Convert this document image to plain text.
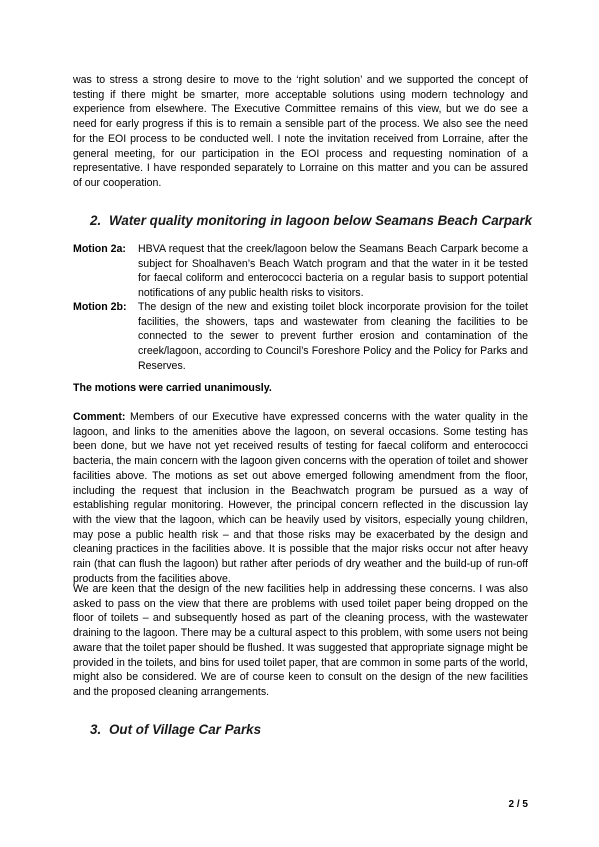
was to stress a strong desire to move to the ‘right solution’ and we supported the concept of testing if there might be smarter, more acceptable solutions using modern technology and experience from elsewhere. The Executive Committee remains of this view, but we do see a need for early progress if this is to remain a sensible part of the process. We also see the need for the EOI process to be conducted well. I note the invitation received from Lorraine, after the general meeting, for our participation in the EOI process and requesting nomination of a representative. I have responded separately to Lorraine on this matter and you can be assured of our cooperation.

2. Water quality monitoring in lagoon below Seamans Beach Carpark
Motion 2a: HBVA request that the creek/lagoon below the Seamans Beach Carpark become a subject for Shoalhaven’s Beach Watch program and that the water in it be tested for faecal coliform and enterococci bacteria on a regular basis to support potential notifications of any public health risks to visitors.

Motion 2b: The design of the new and existing toilet block incorporate provision for the toilet facilities, the showers, taps and wastewater from cleaning the facilities to be connected to the sewer to prevent further erosion and contamination of the creek/lagoon, according to Council’s Foreshore Policy and the Policy for Parks and Reserves.

The motions were carried unanimously.

Comment: Members of our Executive have expressed concerns with the water quality in the lagoon, and links to the amenities above the lagoon, on several occasions. Some testing has been done, but we have not yet received results of testing for faecal coliform and enterococci bacteria, the main concern with the lagoon given concerns with the operation of toilet and shower facilities above. The motions as set out above emerged following amendment from the floor, including the request that inclusion in the Beachwatch program be pursued as a way of establishing regular monitoring. However, the principal concern reflected in the discussion lay with the view that the lagoon, which can be heavily used by visitors, especially young children, may pose a public health risk – and that those risks may be exacerbated by the design and cleaning practices in the facilities above. It is possible that the major risks occur not after heavy rain (that can flush the lagoon) but rather after periods of dry weather and the build-up of run-off products from the facilities above.

We are keen that the design of the new facilities help in addressing these concerns. I was also asked to pass on the view that there are problems with used toilet paper being dropped on the floor of toilets – and subsequently hosed as part of the cleaning process, with the wastewater draining to the lagoon. There may be a cultural aspect to this problem, with some users not being aware that the toilet paper should be flushed. It was suggested that appropriate signage might be provided in the toilets, and bins for used toilet paper, that are common in some parts of the world, might also be considered. We are of course keen to consult on the design of the new facilities and the proposed cleaning arrangements.

3. Out of Village Car Parks
2 / 5
